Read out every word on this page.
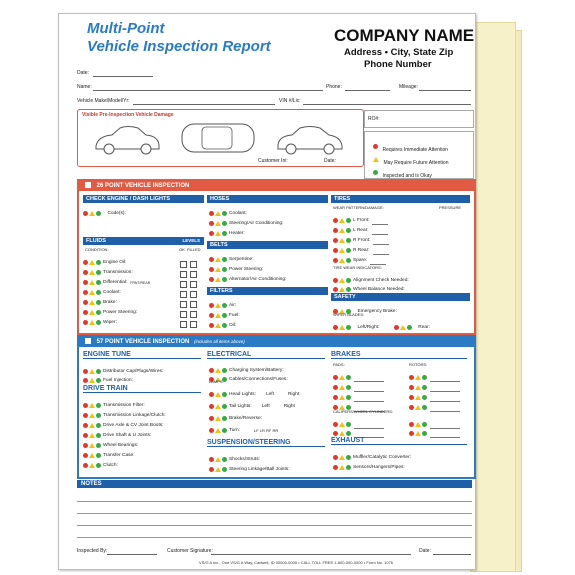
Multi-Point
Vehicle Inspection Report
COMPANY NAME
Address • City, State Zip
Phone Number
Date:
Name:	Phone:	Mileage:
Vehicle Make/Model/Yr:	VIN #/Lic:
Visible Pre-Inspection Vehicle Damage
Customer Ini:	Date:
RO#:
Requires Immediate Attention
May Require Future Attention
Inspected and is Okay
26 POINT VEHICLE INSPECTION
CHECK ENGINE / DASH LIGHTS
Code(s):
FLUIDS	LEVELS
CONDITION:	OK FILLED
Engine Oil:
Transmission:
Differential: FRNT/REAR
Coolant:
Brake:
Power Steering:
Wiper:
HOSES
Coolant:
Steering/Air Conditioning:
Heater:
BELTS
Serpentine:
Power Steering:
Alternator/Air Conditioning:
FILTERS
Air:
Fuel:
Oil:
TIRES
WEAR PATTERN/DAMAGE:	PRESSURE
L Front:
L Rear:
R Front:
R Rear:
Spare:
TIRE WEAR INDICATORS:
Alignment Check Needed:
Wheel Balance Needed:
SAFETY
Emergency Brake:
WIPER BLADES:
Left/Right:	Rear:
57 POINT VEHICLE INSPECTION (includes all items above)
ENGINE TUNE
Distributor Cap/Plugs/Wires:
Fuel Injection:
DRIVE TRAIN
Transmission Filter:
Transmission Linkage/Clutch:
Drive Axle & CV Joint Boots:
Drive Shaft & U Joints:
Wheel Bearings:
Transfer Case:
Clutch:
ELECTRICAL
Charging System/Battery:
Cables/Connections/Fuses:
LAMPS:
Head Lights: Left	Right
Tail Lights: Left	Right
Brake/Reverse:
Turn:	LF LR RF RR
SUSPENSION/STEERING
Shocks/Struts:
Steering Linkage/Ball Joints:
BRAKES
PADS:	ROTORS:
CALIPERS/WHEEL CYLINDERS:
EXHAUST
Muffler/Catalytic Converter:
Sensors/Hangers/Pipes:
NOTES
Inspected By:	Customer Signature:	Date:
VS/G A Inc., One VS/G A Way, Cadwell, ID 00000-0000 • CALL TOLL FREE 1-800-000-0000 • Form No. 1076
